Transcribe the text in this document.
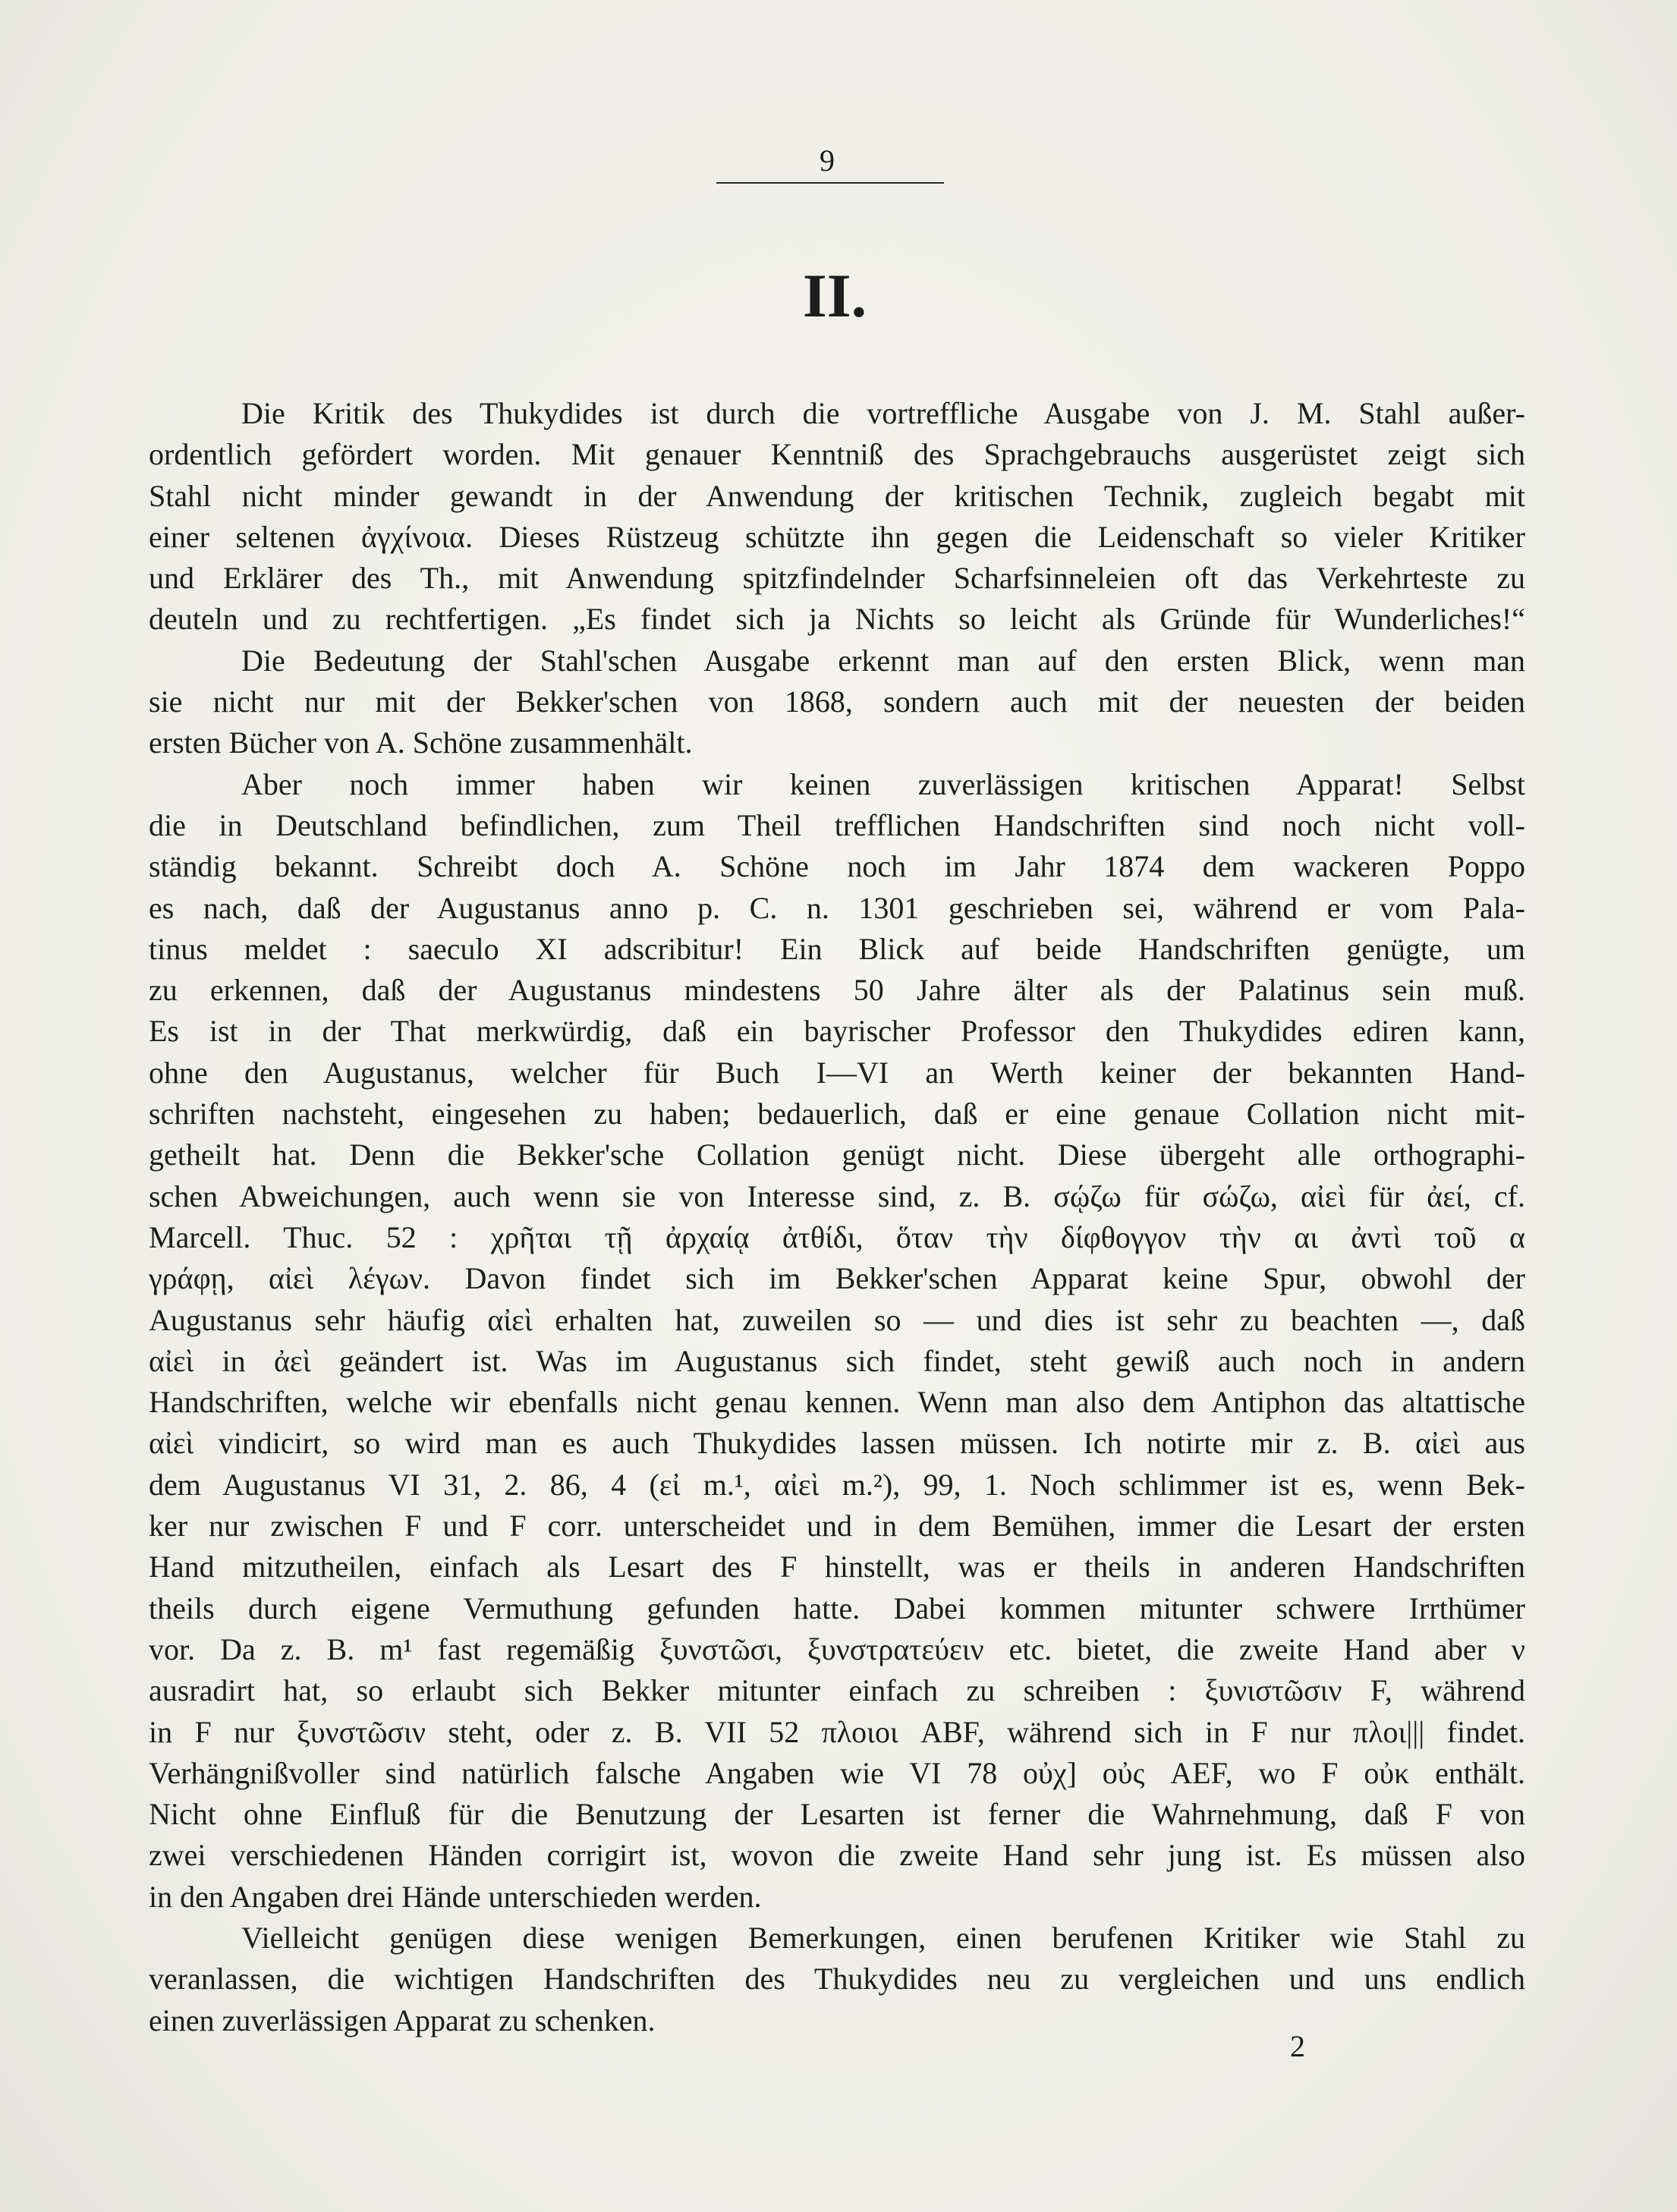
9
II.
Die Kritik des Thukydides ist durch die vortreffliche Ausgabe von J. M. Stahl außer-
ordentlich gefördert worden. Mit genauer Kenntniß des Sprachgebrauchs ausgerüstet zeigt sich
Stahl nicht minder gewandt in der Anwendung der kritischen Technik, zugleich begabt mit
einer seltenen ἀγχίνοια. Dieses Rüstzeug schützte ihn gegen die Leidenschaft so vieler Kritiker
und Erklärer des Th., mit Anwendung spitzfindelnder Scharfsinneleien oft das Verkehrteste zu
deuteln und zu rechtfertigen. „Es findet sich ja Nichts so leicht als Gründe für Wunderliches!“
Die Bedeutung der Stahl'schen Ausgabe erkennt man auf den ersten Blick, wenn man
sie nicht nur mit der Bekker'schen von 1868, sondern auch mit der neuesten der beiden
ersten Bücher von A. Schöne zusammenhält.
Aber noch immer haben wir keinen zuverlässigen kritischen Apparat! Selbst
die in Deutschland befindlichen, zum Theil trefflichen Handschriften sind noch nicht voll-
ständig bekannt. Schreibt doch A. Schöne noch im Jahr 1874 dem wackeren Poppo
es nach, daß der Augustanus anno p. C. n. 1301 geschrieben sei, während er vom Pala-
tinus meldet : saeculo XI adscribitur! Ein Blick auf beide Handschriften genügte, um
zu erkennen, daß der Augustanus mindestens 50 Jahre älter als der Palatinus sein muß.
Es ist in der That merkwürdig, daß ein bayrischer Professor den Thukydides ediren kann,
ohne den Augustanus, welcher für Buch I—VI an Werth keiner der bekannten Hand-
schriften nachsteht, eingesehen zu haben; bedauerlich, daß er eine genaue Collation nicht mit-
getheilt hat. Denn die Bekker'sche Collation genügt nicht. Diese übergeht alle orthographi-
schen Abweichungen, auch wenn sie von Interesse sind, z. B. σῴζω für σώζω, αἰεὶ für ἀεί, cf.
Marcell. Thuc. 52 : χρῆται τῇ ἀρχαίᾳ ἀτθίδι, ὅταν τὴν δίφθογγον τὴν αι ἀντὶ τοῦ α
γράφῃ, αἰεὶ λέγων. Davon findet sich im Bekker'schen Apparat keine Spur, obwohl der
Augustanus sehr häufig αἰεὶ erhalten hat, zuweilen so — und dies ist sehr zu beachten —, daß
αἰεὶ in ἀεὶ geändert ist. Was im Augustanus sich findet, steht gewiß auch noch in andern
Handschriften, welche wir ebenfalls nicht genau kennen. Wenn man also dem Antiphon das altattische
αἰεὶ vindicirt, so wird man es auch Thukydides lassen müssen. Ich notirte mir z. B. αἰεὶ aus
dem Augustanus VI 31, 2. 86, 4 (εἰ m.¹, αἰεὶ m.²), 99, 1. Noch schlimmer ist es, wenn Bek-
ker nur zwischen F und F corr. unterscheidet und in dem Bemühen, immer die Lesart der ersten
Hand mitzutheilen, einfach als Lesart des F hinstellt, was er theils in anderen Handschriften
theils durch eigene Vermuthung gefunden hatte. Dabei kommen mitunter schwere Irrthümer
vor. Da z. B. m¹ fast regemäßig ξυνστῶσι, ξυνστρατεύειν etc. bietet, die zweite Hand aber ν
ausradirt hat, so erlaubt sich Bekker mitunter einfach zu schreiben : ξυνιστῶσιν F, während
in F nur ξυνστῶσιν steht, oder z. B. VII 52 πλοιοι ABF, während sich in F nur πλοι||| findet.
Verhängnißvoller sind natürlich falsche Angaben wie VI 78 οὐχ] οὐς AEF, wo F οὐκ enthält.
Nicht ohne Einfluß für die Benutzung der Lesarten ist ferner die Wahrnehmung, daß F von
zwei verschiedenen Händen corrigirt ist, wovon die zweite Hand sehr jung ist. Es müssen also
in den Angaben drei Hände unterschieden werden.
Vielleicht genügen diese wenigen Bemerkungen, einen berufenen Kritiker wie Stahl zu
veranlassen, die wichtigen Handschriften des Thukydides neu zu vergleichen und uns endlich
einen zuverlässigen Apparat zu schenken.
2
